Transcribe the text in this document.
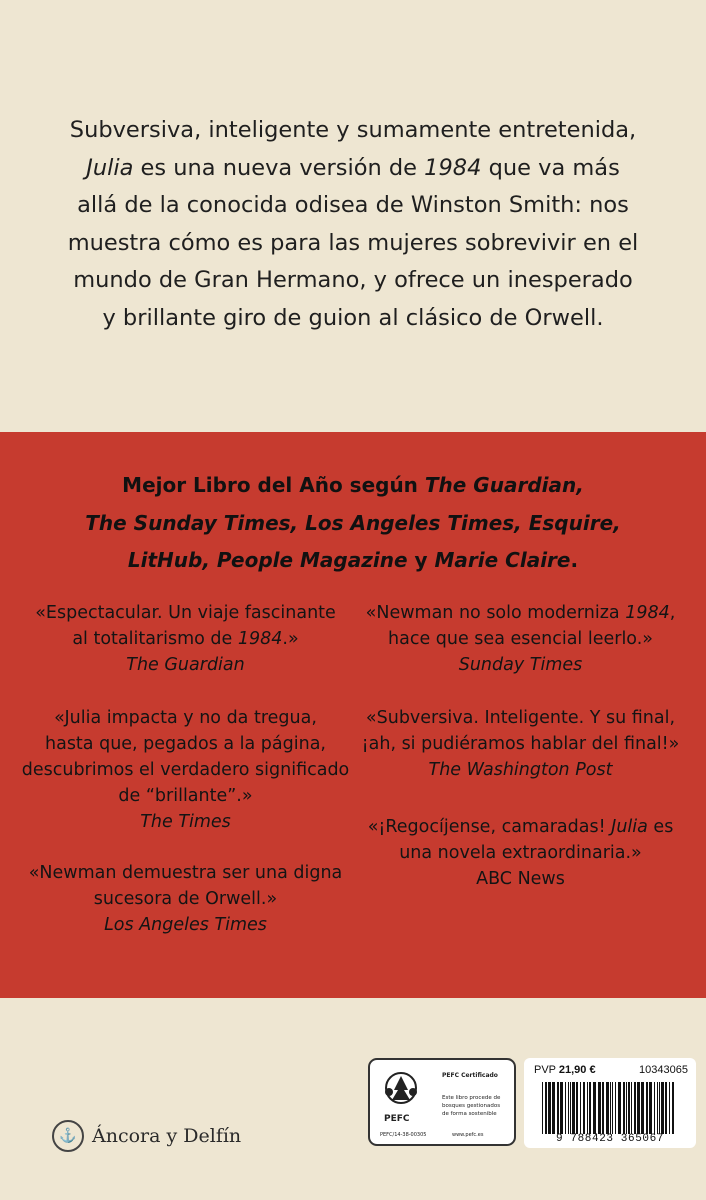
Subversiva, inteligente y sumamente entretenida,
Julia es una nueva versión de 1984 que va más
allá de la conocida odisea de Winston Smith: nos
muestra cómo es para las mujeres sobrevivir en el
mundo de Gran Hermano, y ofrece un inesperado
y brillante giro de guion al clásico de Orwell.
Mejor Libro del Año según The Guardian,
The Sunday Times, Los Angeles Times, Esquire,
LitHub, People Magazine y Marie Claire.
«Espectacular. Un viaje fascinante
al totalitarismo de 1984.»
The Guardian
«Julia impacta y no da tregua,
hasta que, pegados a la página,
descubrimos el verdadero significado
de “brillante”.»
The Times
«Newman demuestra ser una digna
sucesora de Orwell.»
Los Angeles Times
«Newman no solo moderniza 1984,
hace que sea esencial leerlo.»
Sunday Times
«Subversiva. Inteligente. Y su final,
¡ah, si pudiéramos hablar del final!»
The Washington Post
«¡Regocíjense, camaradas! Julia es
una novela extraordinaria.»
ABC News
⚓ Áncora y Delfín
PEFC
PEFC Certificado
Este libro procede de
bosques gestionados
de forma sostenible
PEFC/14-38-00305	www.pefc.es
PVP 21,90 €	10343065
9 788423 365067
